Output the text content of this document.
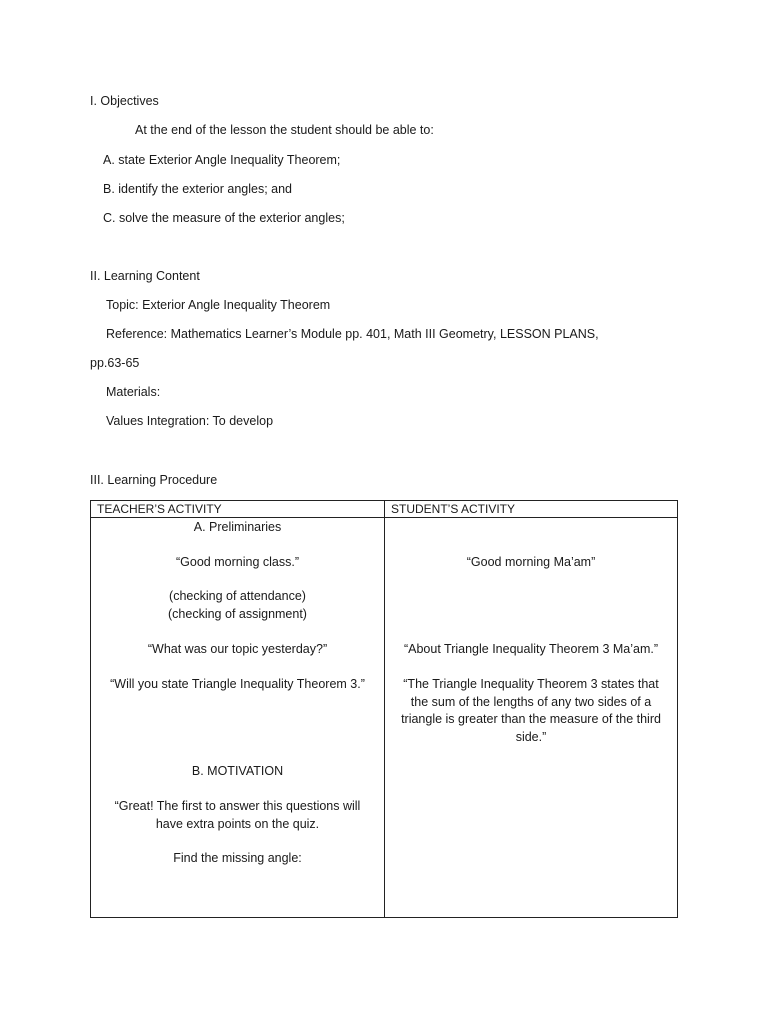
I. Objectives
At the end of the lesson the student should be able to:
A. state Exterior Angle Inequality Theorem;
B. identify the exterior angles; and
C. solve the measure of the exterior angles;
II. Learning Content
Topic: Exterior Angle Inequality Theorem
Reference: Mathematics Learner’s Module pp. 401, Math III Geometry, LESSON PLANS,
pp.63-65
Materials:
Values Integration: To develop
III. Learning Procedure
TEACHER’S ACTIVITY	STUDENT’S ACTIVITY
A. Preliminaries
“Good morning class.”
(checking of attendance)
(checking of assignment)
“What was our topic yesterday?”
“Will you state Triangle Inequality Theorem 3.”
B. MOTIVATION
“Great! The first to answer this questions will
have extra points on the quiz.
Find the missing angle:
“Good morning Ma’am”
“About Triangle Inequality Theorem 3 Ma’am.”
“The Triangle Inequality Theorem 3 states that
the sum of the lengths of any two sides of a
triangle is greater than the measure of the third
side.”
